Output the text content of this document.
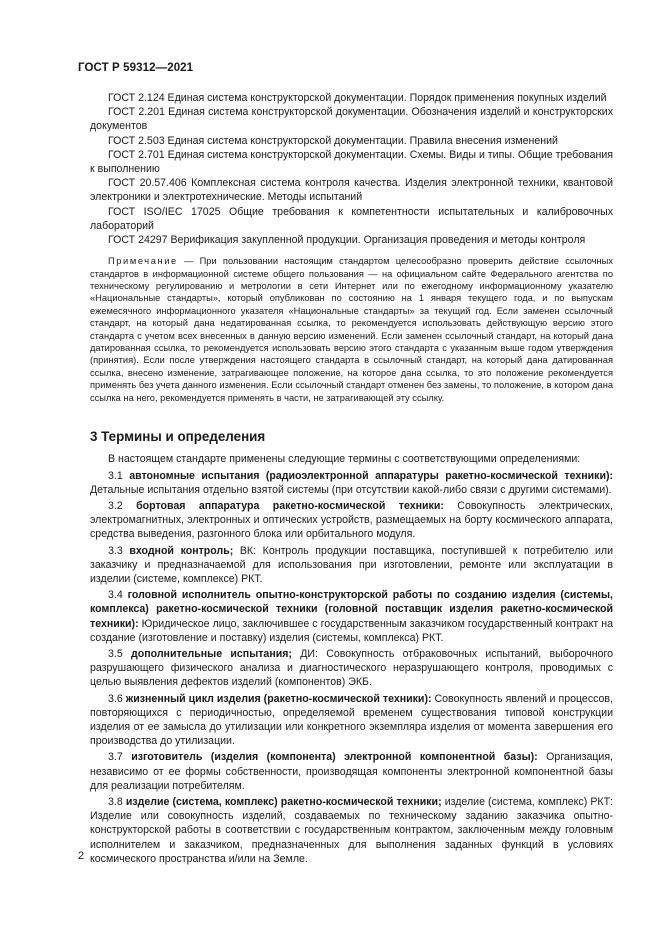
ГОСТ Р 59312—2021

ГОСТ 2.124 Единая система конструкторской документации. Порядок применения покупных изделий

ГОСТ 2.201 Единая система конструкторской документации. Обозначения изделий и конструкторских документов

ГОСТ 2.503 Единая система конструкторской документации. Правила внесения изменений

ГОСТ 2.701 Единая система конструкторской документации. Схемы. Виды и типы. Общие требования к выполнению

ГОСТ 20.57.406 Комплексная система контроля качества. Изделия электронной техники, квантовой электроники и электротехнические. Методы испытаний

ГОСТ ISO/IEC 17025 Общие требования к компетентности испытательных и калибровочных лабораторий

ГОСТ 24297 Верификация закупленной продукции. Организация проведения и методы контроля

Примечание — При пользовании настоящим стандартом целесообразно проверить действие ссылочных стандартов в информационной системе общего пользования — на официальном сайте Федерального агентства по техническому регулированию и метрологии в сети Интернет или по ежегодному информационному указателю «Национальные стандарты», который опубликован по состоянию на 1 января текущего года, и по выпускам ежемесячного информационного указателя «Национальные стандарты» за текущий год. Если заменен ссылочный стандарт, на который дана недатированная ссылка, то рекомендуется использовать действующую версию этого стандарта с учетом всех внесенных в данную версию изменений. Если заменен ссылочный стандарт, на который дана датированная ссылка, то рекомендуется использовать версию этого стандарта с указанным выше годом утверждения (принятия). Если после утверждения настоящего стандарта в ссылочный стандарт, на который дана датированная ссылка, внесено изменение, затрагивающее положение, на которое дана ссылка, то это положение рекомендуется применять без учета данного изменения. Если ссылочный стандарт отменен без замены, то положение, в котором дана ссылка на него, рекомендуется применять в части, не затрагивающей эту ссылку.

3 Термины и определения

В настоящем стандарте применены следующие термины с соответствующими определениями:

3.1 автономные испытания (радиоэлектронной аппаратуры ракетно-космической техники): Детальные испытания отдельно взятой системы (при отсутствии какой-либо связи с другими системами).

3.2 бортовая аппаратура ракетно-космической техники: Совокупность электрических, электромагнитных, электронных и оптических устройств, размещаемых на борту космического аппарата, средства выведения, разгонного блока или орбитального модуля.

3.3 входной контроль; ВК: Контроль продукции поставщика, поступившей к потребителю или заказчику и предназначаемой для использования при изготовлении, ремонте или эксплуатации в изделии (системе, комплексе) РКТ.

3.4 головной исполнитель опытно-конструкторской работы по созданию изделия (системы, комплекса) ракетно-космической техники (головной поставщик изделия ракетно-космической техники): Юридическое лицо, заключившее с государственным заказчиком государственный контракт на создание (изготовление и поставку) изделия (системы, комплекса) РКТ.

3.5 дополнительные испытания; ДИ: Совокупность отбраковочных испытаний, выборочного разрушающего физического анализа и диагностического неразрушающего контроля, проводимых с целью выявления дефектов изделий (компонентов) ЭКБ.

3.6 жизненный цикл изделия (ракетно-космической техники): Совокупность явлений и процессов, повторяющихся с периодичностью, определяемой временем существования типовой конструкции изделия от ее замысла до утилизации или конкретного экземпляра изделия от момента завершения его производства до утилизации.

3.7 изготовитель (изделия (компонента) электронной компонентной базы): Организация, независимо от ее формы собственности, производящая компоненты электронной компонентной базы для реализации потребителям.

3.8 изделие (система, комплекс) ракетно-космической техники; изделие (система, комплекс) РКТ: Изделие или совокупность изделий, создаваемых по техническому заданию заказчика опытно-конструкторской работы в соответствии с государственным контрактом, заключенным между головным исполнителем и заказчиком, предназначенных для выполнения заданных функций в условиях космического пространства и/или на Земле.

2
